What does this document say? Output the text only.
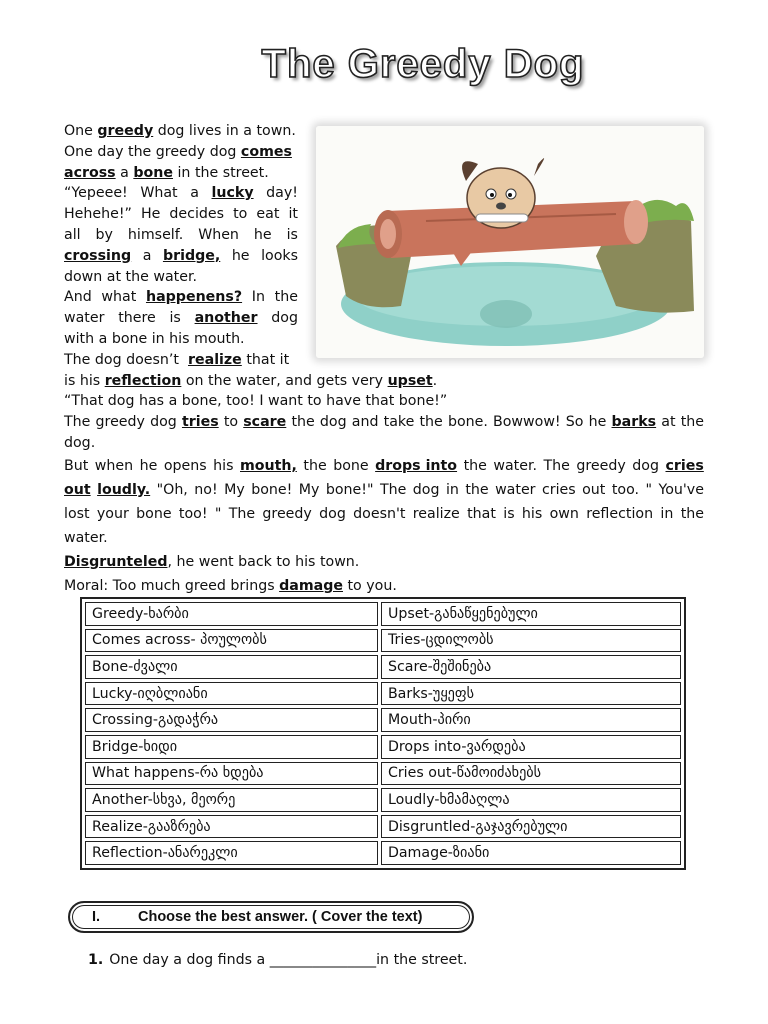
The Greedy Dog
One greedy dog lives in a town.
One day the greedy dog comes
across a bone in the street.
“Yepeee! What a lucky day!
Hehehe!” He decides to eat it
all by himself. When he is
crossing a bridge, he looks
down at the water.
And what happenens? In the
water there is another dog
with a bone in his mouth.
The dog doesn’t  realize that it
is his reflection on the water, and gets very upset.
“That dog has a bone, too! I want to have that bone!”
The greedy dog tries to scare the dog and take the bone. Bowwow! So he barks at the
dog.
But when he opens his mouth, the bone drops into the water. The greedy dog cries
out loudly. "Oh, no! My bone! My bone!" The dog in the water cries out too. " You've
lost your bone too! " The greedy dog doesn't realize that is his own reflection in the
water.
Disgrunteled, he went back to his town.
Moral: Too much greed brings damage to you.
Greedy-ხარბი	Upset-განაწყენებული
Comes across- პოულობს	Tries-ცდილობს
Bone-ძვალი	Scare-შეშინება
Lucky-იღბლიანი	Barks-უყეფს
Crossing-გადაჭრა	Mouth-პირი
Bridge-ხიდი	Drops into-ვარდება
What happens-რა ხდება	Cries out-წამოიძახებს
Another-სხვა, მეორე	Loudly-ხმამაღლა
Realize-გააზრება	Disgruntled-გაჯავრებული
Reflection-ანარეკლი	Damage-ზიანი
I.	Choose the best answer. ( Cover the text)
1. One day a dog finds a _______________in the street.
